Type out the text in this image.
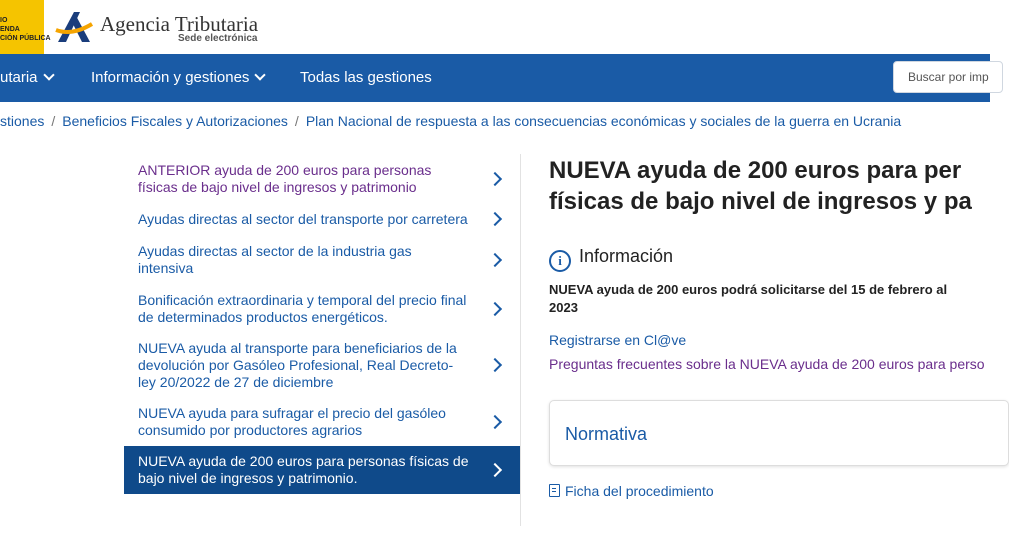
IO
ENDA
CIÓN PÚBLICA
Agencia Tributaria
Sede electrónica
utaria	Información y gestiones	Todas las gestiones	Buscar por imp
stiones / Beneficios Fiscales y Autorizaciones / Plan Nacional de respuesta a las consecuencias económicas y sociales de la guerra en Ucrania
ANTERIOR ayuda de 200 euros para personas
físicas de bajo nivel de ingresos y patrimonio
Ayudas directas al sector del transporte por carretera
Ayudas directas al sector de la industria gas
intensiva
Bonificación extraordinaria y temporal del precio final
de determinados productos energéticos.
NUEVA ayuda al transporte para beneficiarios de la
devolución por Gasóleo Profesional, Real Decreto-
ley 20/2022 de 27 de diciembre
NUEVA ayuda para sufragar el precio del gasóleo
consumido por productores agrarios
NUEVA ayuda de 200 euros para personas físicas de
bajo nivel de ingresos y patrimonio.
NUEVA ayuda de 200 euros para per
físicas de bajo nivel de ingresos y pa
i Información
NUEVA ayuda de 200 euros podrá solicitarse del 15 de febrero al
2023
Registrarse en Cl@ve
Preguntas frecuentes sobre la NUEVA ayuda de 200 euros para perso
Normativa
Ficha del procedimiento
